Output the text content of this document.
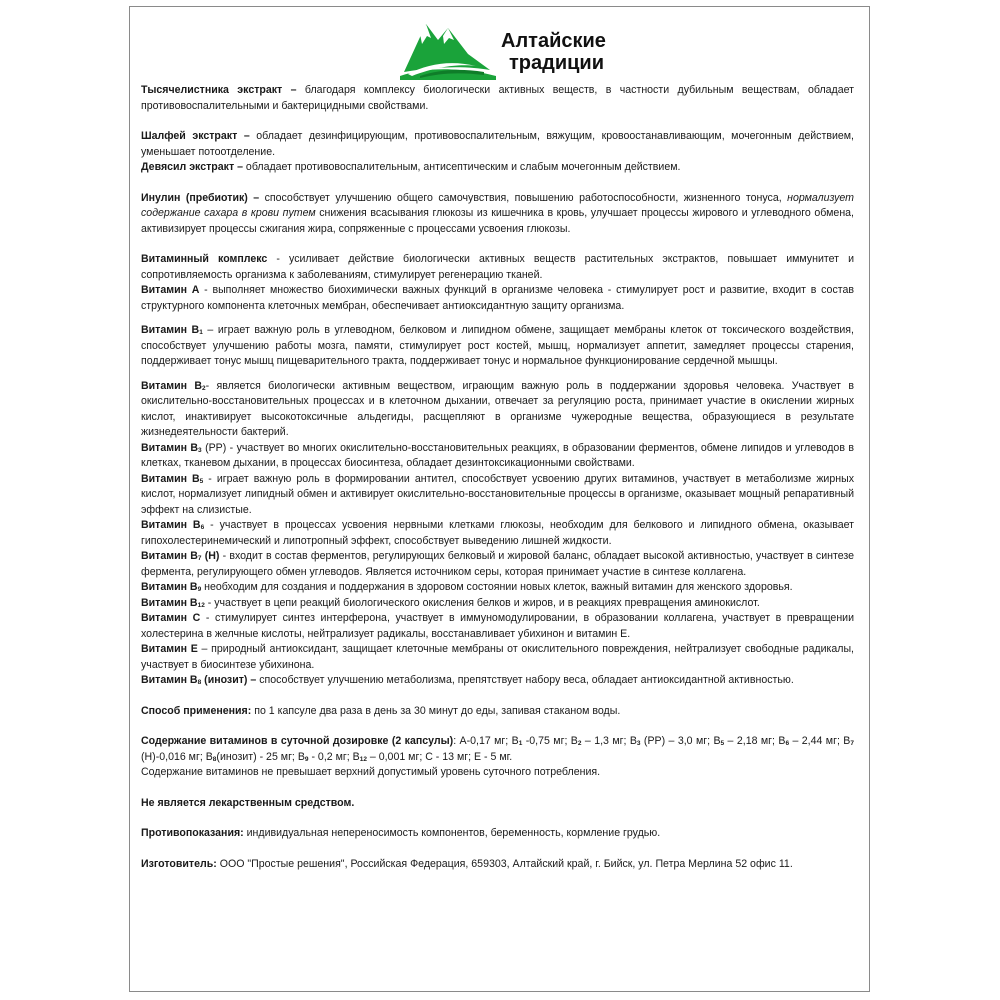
Алтайские
традиции

Тысячелистника экстракт – благодаря комплексу биологически активных веществ, в частности дубильным веществам, обладает противовоспалительными и бактерицидными свойствами.

Шалфей экстракт – обладает дезинфицирующим, противовоспалительным, вяжущим, кровоостанавливающим, мочегонным действием, уменьшает потоотделение.

Девясил экстракт – обладает противовоспалительным, антисептическим и слабым мочегонным действием.

Инулин (пребиотик) – способствует улучшению общего самочувствия, повышению работоспособности, жизненного тонуса, нормализует содержание сахара в крови путем снижения всасывания глюкозы из кишечника в кровь, улучшает процессы жирового и углеводного обмена, активизирует процессы сжигания жира, сопряженные с процессами усвоения глюкозы.

Витаминный комплекс - усиливает действие биологически активных веществ растительных экстрактов, повышает иммунитет и сопротивляемость организма к заболеваниям, стимулирует регенерацию тканей.

Витамин А - выполняет множество биохимически важных функций в организме человека - стимулирует рост и развитие, входит в состав структурного компонента клеточных мембран, обеспечивает антиоксидантную защиту организма.

Витамин $В_1$ – играет важную роль в углеводном, белковом и липидном обмене, защищает мембраны клеток от токсического воздействия, способствует улучшению работы мозга, памяти, стимулирует рост костей, мышц, нормализует аппетит, замедляет процессы старения, поддерживает тонус мышц пищеварительного тракта, поддерживает тонус и нормальное функционирование сердечной мышцы.

Витамин $В_2-$ является биологически активным веществом, играющим важную роль в поддержании здоровья человека. Участвует в окислительно-восстановительных процессах и в клеточном дыхании, отвечает за регуляцию роста, принимает участие в окислении жирных кислот, инактивирует высокотоксичные альдегиды, расщепляют в организме чужеродные вещества, образующиеся в результате жизнедеятельности бактерий.

Витамин $В_3$ (РР) - участвует во многих окислительно-восстановительных реакциях, в образовании ферментов, обмене липидов и углеводов в клетках, тканевом дыхании, в процессах биосинтеза, обладает дезинтоксикационными свойствами.

Витамин $В_5$ - играет важную роль в формировании антител, способствует усвоению других витаминов, участвует в метаболизме жирных кислот, нормализует липидный обмен и активирует окислительно-восстановительные процессы в организме, оказывает мощный репаративный эффект на слизистые.

Витамин $В_6$ - участвует в процессах усвоения нервными клетками глюкозы, необходим для белкового и липидного обмена, оказывает гипохолестеринемический и липотропный эффект, способствует выведению лишней жидкости.

Витамин $В_7$ (Н) - входит в состав ферментов, регулирующих белковый и жировой баланс, обладает высокой активностью, участвует в синтезе фермента, регулирующего обмен углеводов. Является источником серы, которая принимает участие в синтезе коллагена.

Витамин $В_9$ необходим для создания и поддержания в здоровом состоянии новых клеток, важный витамин для женского здоровья.

Витамин $В_{12}$ - участвует в цепи реакций биологического окисления белков и жиров, и в реакциях превращения аминокислот.

Витамин С - стимулирует синтез интерферона, участвует в иммуномодулировании, в образовании коллагена, участвует в превращении холестерина в желчные кислоты, нейтрализует радикалы, восстанавливает убихинон и витамин Е.

Витамин Е – природный антиоксидант, защищает клеточные мембраны от окислительного повреждения, нейтрализует свободные радикалы, участвует в биосинтезе убихинона.

Витамин $В_8$ (инозит) – способствует улучшению метаболизма, препятствует набору веса, обладает антиоксидантной активностью.

Способ применения: по 1 капсуле два раза в день за 30 минут до еды, запивая стаканом воды.

Содержание витаминов в суточной дозировке (2 капсулы): А-0,17 мг; $В_1$ -0,75 мг; $В_2 - 1,3$ мг; $В_3$ (РР) – 3,0 мг; $В_5 - 2,18$ мг; $В_6 - 2,44$ мг; $В_7$ (Н)-0,016 мг; $В_8(инозит) - 25$ мг; $В_9 - 0,2$ мг; $В_{12} - 0,001$ мг; С - 13 мг; Е - 5 мг.

Содержание витаминов не превышает верхний допустимый уровень суточного потребления.

Не является лекарственным средством.

Противопоказания: индивидуальная непереносимость компонентов, беременность, кормление грудью.

Изготовитель: ООО "Простые решения", Российская Федерация, 659303, Алтайский край, г. Бийск, ул. Петра Мерлина 52 офис 11.
